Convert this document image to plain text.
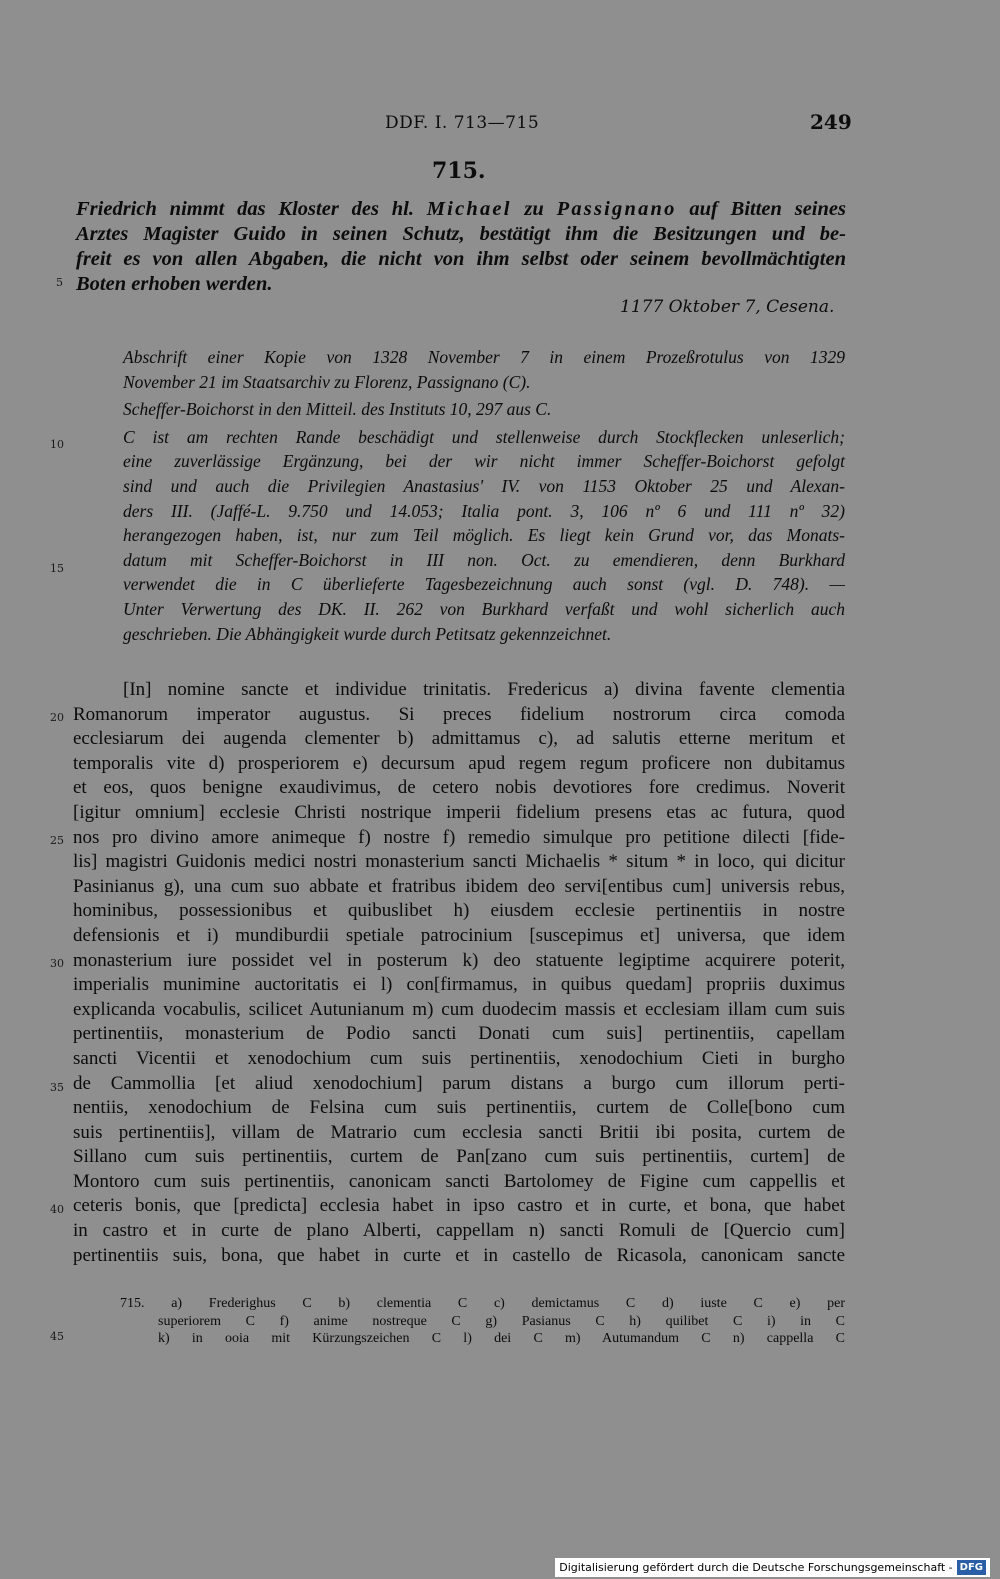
DDF. I. 713—715	249
715.
Friedrich nimmt das Kloster des hl. Michael zu Passignano auf Bitten seines
Arztes Magister Guido in seinen Schutz, bestätigt ihm die Besitzungen und be-
freit es von allen Abgaben, die nicht von ihm selbst oder seinem bevollmächtigten
Boten erhoben werden.
1177 Oktober 7, Cesena.
5
10
15
20
25
30
35
40
45
Abschrift einer Kopie von 1328 November 7 in einem Prozeßrotulus von 1329
November 21 im Staatsarchiv zu Florenz, Passignano (C).
Scheffer-Boichorst in den Mitteil. des Instituts 10, 297 aus C.
C ist am rechten Rande beschädigt und stellenweise durch Stockflecken unleserlich;
eine zuverlässige Ergänzung, bei der wir nicht immer Scheffer-Boichorst gefolgt
sind und auch die Privilegien Anastasius' IV. von 1153 Oktober 25 und Alexan-
ders III. (Jaffé-L. 9.750 und 14.053; Italia pont. 3, 106 nº 6 und 111 nº 32)
herangezogen haben, ist, nur zum Teil möglich. Es liegt kein Grund vor, das Monats-
datum mit Scheffer-Boichorst in III non. Oct. zu emendieren, denn Burkhard
verwendet die in C überlieferte Tagesbezeichnung auch sonst (vgl. D. 748). —
Unter Verwertung des DK. II. 262 von Burkhard verfaßt und wohl sicherlich auch
geschrieben. Die Abhängigkeit wurde durch Petitsatz gekennzeichnet.
[In] nomine sancte et individue trinitatis. Fredericus a) divina favente clementia
Romanorum imperator augustus. Si preces fidelium nostrorum circa comoda
ecclesiarum dei augenda clementer b) admittamus c), ad salutis etterne meritum et
temporalis vite d) prosperiorem e) decursum apud regem regum proficere non dubitamus
et eos, quos benigne exaudivimus, de cetero nobis devotiores fore credimus. Noverit
[igitur omnium] ecclesie Christi nostrique imperii fidelium presens etas ac futura, quod
nos pro divino amore animeque f) nostre f) remedio simulque pro petitione dilecti [fide-
lis] magistri Guidonis medici nostri monasterium sancti Michaelis * situm * in loco, qui dicitur
Pasinianus g), una cum suo abbate et fratribus ibidem deo servi[entibus cum] universis rebus,
hominibus, possessionibus et quibuslibet h) eiusdem ecclesie pertinentiis in nostre
defensionis et i) mundiburdii spetiale patrocinium [suscepimus et] universa, que idem
monasterium iure possidet vel in posterum k) deo statuente legiptime acquirere poterit,
imperialis munimine auctoritatis ei l) con[firmamus, in quibus quedam] propriis duximus
explicanda vocabulis, scilicet Autunianum m) cum duodecim massis et ecclesiam illam cum suis
pertinentiis, monasterium de Podio sancti Donati cum suis] pertinentiis, capellam
sancti Vicentii et xenodochium cum suis pertinentiis, xenodochium Cieti in burgho
de Cammollia [et aliud xenodochium] parum distans a burgo cum illorum perti-
nentiis, xenodochium de Felsina cum suis pertinentiis, curtem de Colle[bono cum
suis pertinentiis], villam de Matrario cum ecclesia sancti Britii ibi posita, curtem de
Sillano cum suis pertinentiis, curtem de Pan[zano cum suis pertinentiis, curtem] de
Montoro cum suis pertinentiis, canonicam sancti Bartolomey de Figine cum cappellis et
ceteris bonis, que [predicta] ecclesia habet in ipso castro et in curte, et bona, que habet
in castro et in curte de plano Alberti, cappellam n) sancti Romuli de [Quercio cum]
pertinentiis suis, bona, que habet in curte et in castello de Ricasola, canonicam sancte
715. a) Frederighus C b) clementia C c) demictamus C d) iuste C e) per
superiorem C f) anime nostreque C g) Pasianus C h) quilibet C i) in C
k) in ooia mit Kürzungszeichen C l) dei C m) Autumandum C n) cappella C
Digitalisierung gefördert durch die Deutsche Forschungsgemeinschaft - DFG
